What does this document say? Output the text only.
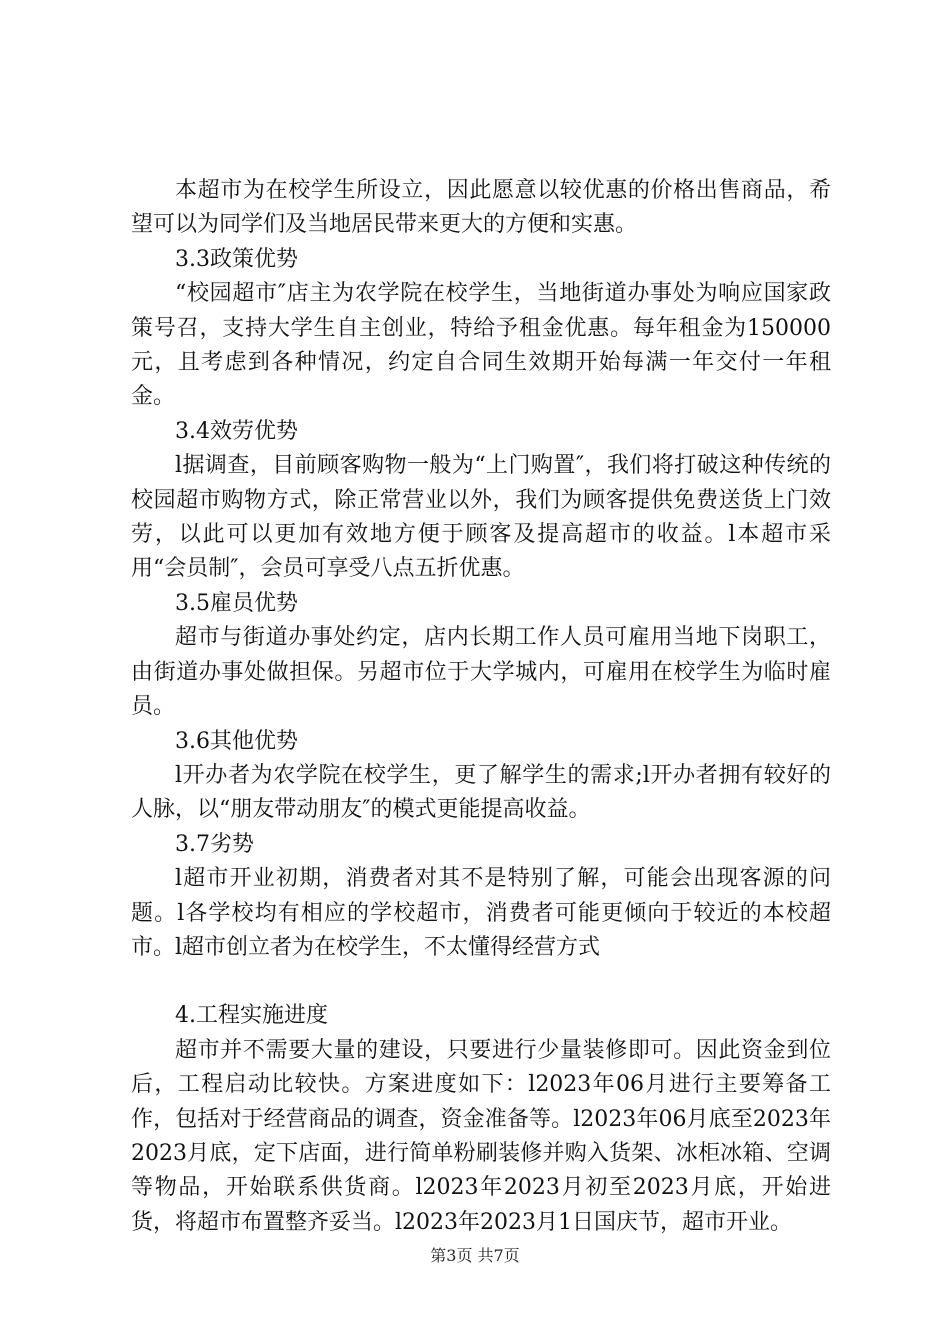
本超市为在校学生所设立，因此愿意以较优惠的价格出售商品，希望可以为同学们及当地居民带来更大的方便和实惠。

3.3政策优势

“校园超市″店主为农学院在校学生，当地街道办事处为响应国家政策号召，支持大学生自主创业，特给予租金优惠。每年租金为150000元，且考虑到各种情况，约定自合同生效期开始每满一年交付一年租金。

3.4效劳优势

l据调查，目前顾客购物一般为“上门购置″，我们将打破这种传统的校园超市购物方式，除正常营业以外，我们为顾客提供免费送货上门效劳，以此可以更加有效地方便于顾客及提高超市的收益。l本超市采用“会员制″，会员可享受八点五折优惠。

3.5雇员优势

超市与街道办事处约定，店内长期工作人员可雇用当地下岗职工，由街道办事处做担保。另超市位于大学城内，可雇用在校学生为临时雇员。

3.6其他优势

l开办者为农学院在校学生，更了解学生的需求;l开办者拥有较好的人脉，以“朋友带动朋友″的模式更能提高收益。

3.7劣势

l超市开业初期，消费者对其不是特别了解，可能会出现客源的问题。l各学校均有相应的学校超市，消费者可能更倾向于较近的本校超市。l超市创立者为在校学生，不太懂得经营方式

4.工程实施进度

超市并不需要大量的建设，只要进行少量装修即可。因此资金到位后，工程启动比较快。方案进度如下：l2023年06月进行主要筹备工作，包括对于经营商品的调查，资金准备等。l2023年06月底至2023年2023月底，定下店面，进行简单粉刷装修并购入货架、冰柜冰箱、空调等物品，开始联系供货商。l2023年2023月初至2023月底，开始进货，将超市布置整齐妥当。l2023年2023月1日国庆节，超市开业。

第3页 共7页
